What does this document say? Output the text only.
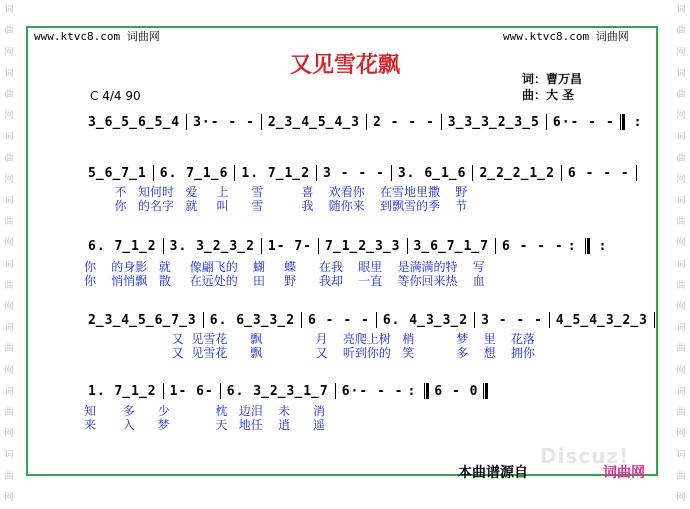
词
曲
网
词
曲
网
词
曲
网
词
曲
网
词
曲
网
词
曲
网
词
曲
网
词
曲
网
词
曲
网
词
曲
网
词
曲
网
词
曲
网
词
曲
网
词
曲
网
词
曲
网
词
曲
网
www.ktvc8.com 词曲网	www.ktvc8.com 词曲网
Discuz!
又见雪花飘
词：曹万昌
曲：大 圣
C 4/4 90
3̲6̲5̲6̲5̲4 3·- - - 2̲3̲4̲5̲4̲3 2 - - - 3̲3̲3̲2̲3̲5 6·- - - :
5̲6̲7̲1 6. 7̲1̲6 1. 7̲1̲2 3 - - - 3. 6̲1̲6 2̲2̲2̲1̲2 6 - - -
不   知何时   爱     上      雪          喜    欢看你    在雪地里撒    野
你   的名字   就     叫      雪          我    随你来    到飘雪的季    节
6. 7̲1̲2 3. 3̲2̲3̲2 1- 7- 7̲1̲2̲3̲3 3̲6̲7̲1̲7 6 - - - : :
你    的身影   就     像翩飞的    蝴     蝶      在我    眼里    是满满的特    写
你    悄悄飘   散     在远处的    田     野      我却    一直    等你回来热    血
2̲3̲4̲5̲6̲7̲3 6. 6̲3̲3̲2 6 - - - 6. 4̲3̲3̲2 3 - - - 4̲5̲4̲3̲2̲3
又  见雪花      飘              月    亮爬上树   梢           梦    里    花落
又  见雪花      飘              又    听到你的   笑           多    想    拥你
1. 7̲1̲2 1- 6- 6. 3̲2̲3̲1̲7 6·- - - : 6 - 0
知       多      少            枕   边泪    未      消
来       入      梦            天   地任    逍      遥
本曲谱源自	词曲网
